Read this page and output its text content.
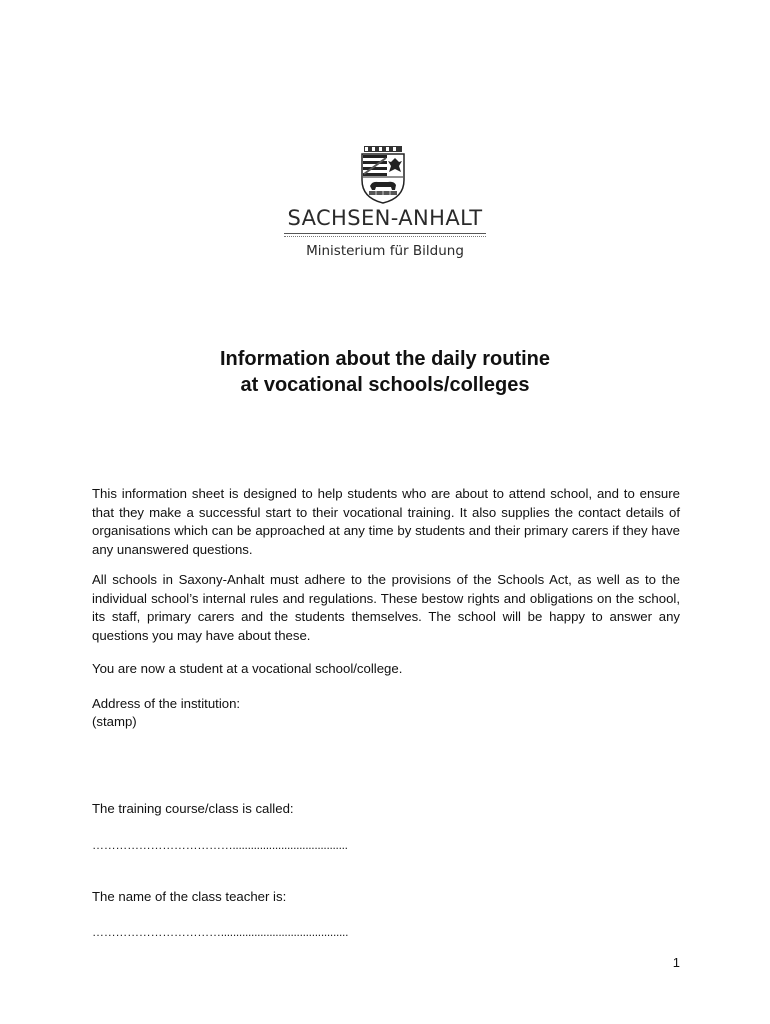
SACHSEN-ANHALT
Ministerium für Bildung
Information about the daily routine
at vocational schools/colleges

This information sheet is designed to help students who are about to attend school, and to ensure that they make a successful start to their vocational training. It also supplies the contact details of organisations which can be approached at any time by students and their primary carers if they have any unanswered questions.

All schools in Saxony-Anhalt must adhere to the provisions of the Schools Act, as well as to the individual school’s internal rules and regulations. These bestow rights and obligations on the school, its staff, primary carers and the students themselves. The school will be happy to answer any questions you may have about these.

You are now a student at a vocational school/college.

Address of the institution:

(stamp)

The training course/class is called:

………………………………......................................

The name of the class teacher is:

……………………………..........................................
1
